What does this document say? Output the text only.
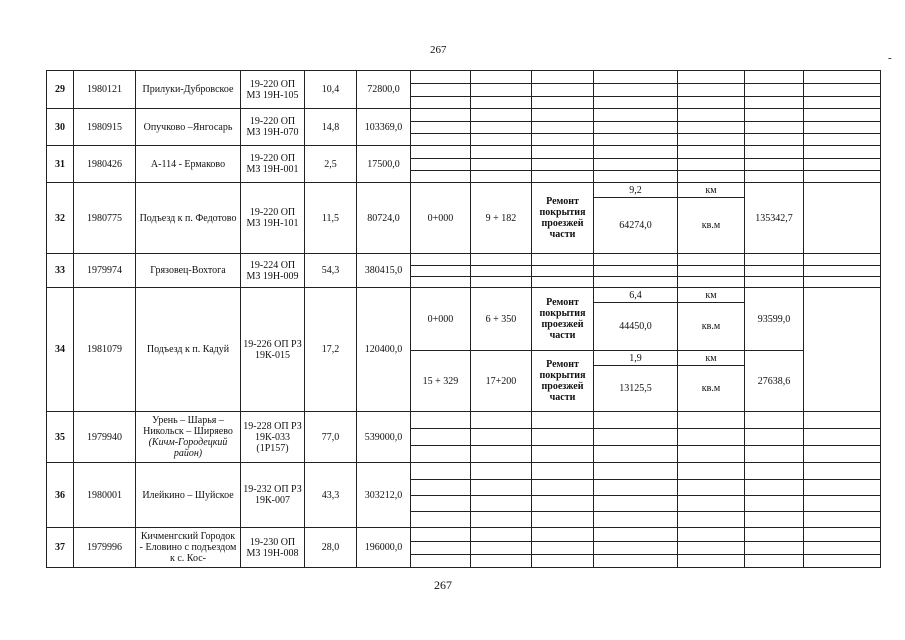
267
-
29	1980121	Прилуки-Дубровское	19-220 ОП МЗ 19Н-105	10,4	72800,0							

30	1980915	Опучково –Янгосарь	19-220 ОП МЗ 19Н-070	14,8	103369,0							

31	1980426	А-114 - Ермаково	19-220 ОП МЗ 19Н-001	2,5	17500,0							

32	1980775	Подъезд к п. Федотово	19-220 ОП МЗ 19Н-101	11,5	80724,0	0+000	9 + 182	Ремонт покрытия проезжей части	9,2	км	135342,7	
									64274,0	кв.м		
33	1979974	Грязовец-Вохтога	19-224 ОП МЗ 19Н-009	54,3	380415,0							

34	1981079	Подъезд к п. Кадуй	19-226 ОП РЗ 19К-015	17,2	120400,0	0+000	6 + 350	Ремонт покрытия проезжей части	6,4	км	93599,0	
									44450,0	кв.м		
						15 + 329	17+200	Ремонт покрытия проезжей части	1,9	км	27638,6	
									13125,5	кв.м		
35	1979940	Урень – Шарья – Никольск – Ширяево (Кичм-Городецкий район)	19-228 ОП РЗ 19К-033 (1Р157)	77,0	539000,0							

36	1980001	Илейкино – Шуйское	19-232 ОП РЗ 19К-007	43,3	303212,0							

37	1979996	Кичменгский Городок - Еловино с подъездом к с. Кос-	19-230 ОП МЗ 19Н-008	28,0	196000,0							

267
